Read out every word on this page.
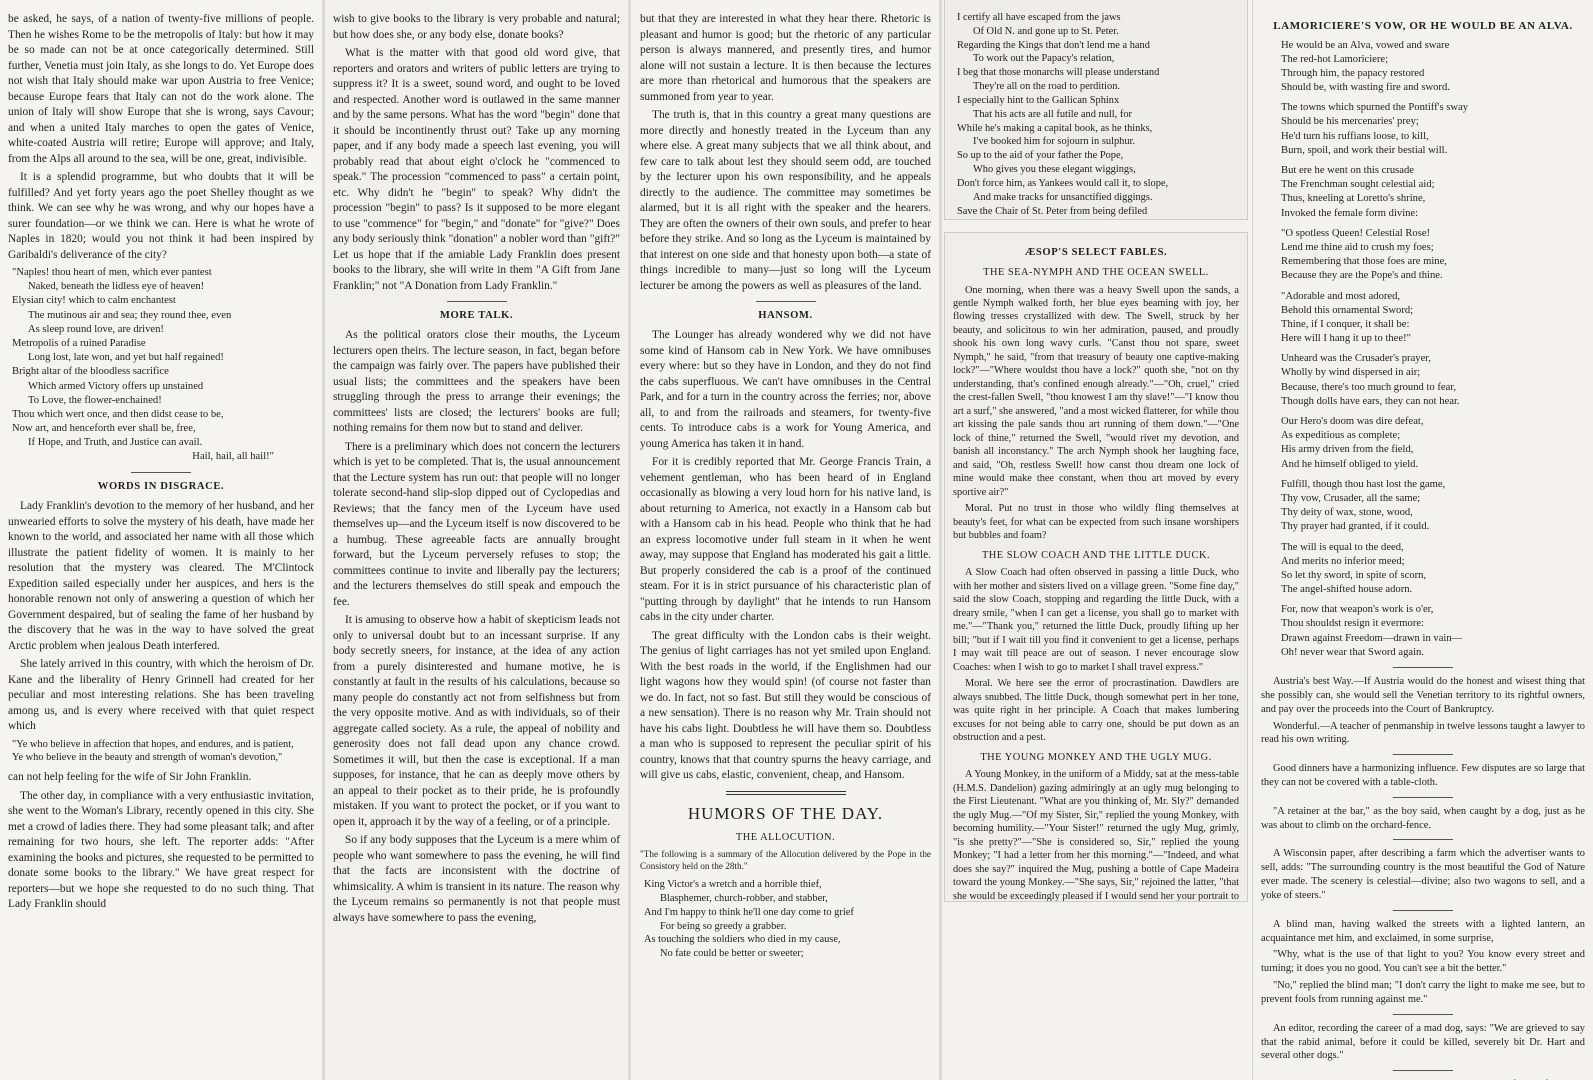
be asked, he says, of a nation of twenty-five millions of people. Then he wishes Rome to be the metropolis of Italy: but how it may be so made can not be at once categorically determined. Still further, Venetia must join Italy, as she longs to do. Yet Europe does not wish that Italy should make war upon Austria to free Venice; because Europe fears that Italy can not do the work alone. The union of Italy will show Europe that she is wrong, says Cavour; and when a united Italy marches to open the gates of Venice, white-coated Austria will retire; Europe will approve; and Italy, from the Alps all around to the sea, will be one, great, indivisible.

It is a splendid programme, but who doubts that it will be fulfilled? And yet forty years ago the poet Shelley thought as we think. We can see why he was wrong, and why our hopes have a surer foundation—or we think we can. Here is what he wrote of Naples in 1820; would you not think it had been inspired by Garibaldi's deliverance of the city?

"Naples! thou heart of men, which ever pantest
Naked, beneath the lidless eye of heaven!
Elysian city! which to calm enchantest
The mutinous air and sea; they round thee, even
As sleep round love, are driven!
Metropolis of a ruined Paradise
Long lost, late won, and yet but half regained!
Bright altar of the bloodless sacrifice
Which armed Victory offers up unstained
To Love, the flower-enchained!
Thou which wert once, and then didst cease to be,
Now art, and henceforth ever shall be, free,
If Hope, and Truth, and Justice can avail.
Hail, hail, all hail!"
WORDS IN DISGRACE.

Lady Franklin's devotion to the memory of her husband, and her unwearied efforts to solve the mystery of his death, have made her known to the world, and associated her name with all those which illustrate the patient fidelity of women. It is mainly to her resolution that the mystery was cleared. The M'Clintock Expedition sailed especially under her auspices, and hers is the honorable renown not only of answering a question of which her Government despaired, but of sealing the fame of her husband by the discovery that he was in the way to have solved the great Arctic problem when jealous Death interfered.

She lately arrived in this country, with which the heroism of Dr. Kane and the liberality of Henry Grinnell had created for her peculiar and most interesting relations. She has been traveling among us, and is every where received with that quiet respect which

"Ye who believe in affection that hopes, and endures, and is patient,
Ye who believe in the beauty and strength of woman's devotion,"

can not help feeling for the wife of Sir John Franklin.

The other day, in compliance with a very enthusiastic invitation, she went to the Woman's Library, recently opened in this city. She met a crowd of ladies there. They had some pleasant talk; and after remaining for two hours, she left. The reporter adds: "After examining the books and pictures, she requested to be permitted to donate some books to the library." We have great respect for reporters—but we hope she requested to do no such thing. That Lady Franklin should

wish to give books to the library is very probable and natural; but how does she, or any body else, donate books?

What is the matter with that good old word give, that reporters and orators and writers of public letters are trying to suppress it? It is a sweet, sound word, and ought to be loved and respected. Another word is outlawed in the same manner and by the same persons. What has the word "begin" done that it should be incontinently thrust out? Take up any morning paper, and if any body made a speech last evening, you will probably read that about eight o'clock he "commenced to speak." The procession "commenced to pass" a certain point, etc. Why didn't he "begin" to speak? Why didn't the procession "begin" to pass? Is it supposed to be more elegant to use "commence" for "begin," and "donate" for "give?" Does any body seriously think "donation" a nobler word than "gift?" Let us hope that if the amiable Lady Franklin does present books to the library, she will write in them "A Gift from Jane Franklin;" not "A Donation from Lady Franklin."

MORE TALK.

As the political orators close their mouths, the Lyceum lecturers open theirs. The lecture season, in fact, began before the campaign was fairly over. The papers have published their usual lists; the committees and the speakers have been struggling through the press to arrange their evenings; the committees' lists are closed; the lecturers' books are full; nothing remains for them now but to stand and deliver.

There is a preliminary which does not concern the lecturers which is yet to be completed. That is, the usual announcement that the Lecture system has run out: that people will no longer tolerate second-hand slip-slop dipped out of Cyclopedias and Reviews; that the fancy men of the Lyceum have used themselves up—and the Lyceum itself is now discovered to be a humbug. These agreeable facts are annually brought forward, but the Lyceum perversely refuses to stop; the committees continue to invite and liberally pay the lecturers; and the lecturers themselves do still speak and empouch the fee.

It is amusing to observe how a habit of skepticism leads not only to universal doubt but to an incessant surprise. If any body secretly sneers, for instance, at the idea of any action from a purely disinterested and humane motive, he is constantly at fault in the results of his calculations, because so many people do constantly act not from selfishness but from the very opposite motive. And as with individuals, so of their aggregate called society. As a rule, the appeal of nobility and generosity does not fall dead upon any chance crowd. Sometimes it will, but then the case is exceptional. If a man supposes, for instance, that he can as deeply move others by an appeal to their pocket as to their pride, he is profoundly mistaken. If you want to protect the pocket, or if you want to open it, approach it by the way of a feeling, or of a principle.

So if any body supposes that the Lyceum is a mere whim of people who want somewhere to pass the evening, he will find that the facts are inconsistent with the doctrine of whimsicality. A whim is transient in its nature. The reason why the Lyceum remains so permanently is not that people must always have somewhere to pass the evening,

but that they are interested in what they hear there. Rhetoric is pleasant and humor is good; but the rhetoric of any particular person is always mannered, and presently tires, and humor alone will not sustain a lecture. It is then because the lectures are more than rhetorical and humorous that the speakers are summoned from year to year.

The truth is, that in this country a great many questions are more directly and honestly treated in the Lyceum than any where else. A great many subjects that we all think about, and few care to talk about lest they should seem odd, are touched by the lecturer upon his own responsibility, and he appeals directly to the audience. The committee may sometimes be alarmed, but it is all right with the speaker and the hearers. They are often the owners of their own souls, and prefer to hear before they strike. And so long as the Lyceum is maintained by that interest on one side and that honesty upon both—a state of things incredible to many—just so long will the Lyceum lecturer be among the powers as well as pleasures of the land.

HANSOM.

The Lounger has already wondered why we did not have some kind of Hansom cab in New York. We have omnibuses every where: but so they have in London, and they do not find the cabs superfluous. We can't have omnibuses in the Central Park, and for a turn in the country across the ferries; nor, above all, to and from the railroads and steamers, for twenty-five cents. To introduce cabs is a work for Young America, and young America has taken it in hand.

For it is credibly reported that Mr. George Francis Train, a vehement gentleman, who has been heard of in England occasionally as blowing a very loud horn for his native land, is about returning to America, not exactly in a Hansom cab but with a Hansom cab in his head. People who think that he had an express locomotive under full steam in it when he went away, may suppose that England has moderated his gait a little. But properly considered the cab is a proof of the continued steam. For it is in strict pursuance of his characteristic plan of "putting through by daylight" that he intends to run Hansom cabs in the city under charter.

The great difficulty with the London cabs is their weight. The genius of light carriages has not yet smiled upon England. With the best roads in the world, if the Englishmen had our light wagons how they would spin! (of course not faster than we do. In fact, not so fast. But still they would be conscious of a new sensation). There is no reason why Mr. Train should not have his cabs light. Doubtless he will have them so. Doubtless a man who is supposed to represent the peculiar spirit of his country, knows that that country spurns the heavy carriage, and will give us cabs, elastic, convenient, cheap, and Hansom.

HUMORS OF THE DAY.
THE ALLOCUTION.
"The following is a summary of the Allocution delivered by the Pope in the Consistory held on the 28th."
King Victor's a wretch and a horrible thief,
Blasphemer, church-robber, and stabber,
And I'm happy to think he'll one day come to grief
For being so greedy a grabber.
As touching the soldiers who died in my cause,
No fate could be better or sweeter;
I certify all have escaped from the jaws
Of Old N. and gone up to St. Peter.
Regarding the Kings that don't lend me a hand
To work out the Papacy's relation,
I beg that those monarchs will please understand
They're all on the road to perdition.
I especially hint to the Gallican Sphinx
That his acts are all futile and null, for
While he's making a capital book, as he thinks,
I've booked him for sojourn in sulphur.
So up to the aid of your father the Pope,
Who gives you these elegant wiggings,
Don't force him, as Yankees would call it, to slope,
And make tracks for unsanctified diggings.
Save the Chair of St. Peter from being defiled
ÆSOP'S SELECT FABLES.
THE SEA-NYMPH AND THE OCEAN SWELL.

One morning, when there was a heavy Swell upon the sands, a gentle Nymph walked forth, her blue eyes beaming with joy, her flowing tresses crystallized with dew. The Swell, struck by her beauty, and solicitous to win her admiration, paused, and proudly shook his own long wavy curls. "Canst thou not spare, sweet Nymph," he said, "from that treasury of beauty one captive-making lock?"—"Where wouldst thou have a lock?" quoth she, "not on thy understanding, that's confined enough already."—"Oh, cruel," cried the crest-fallen Swell, "thou knowest I am thy slave!"—"I know thou art a surf," she answered, "and a most wicked flatterer, for while thou art kissing the pale sands thou art running of them down."—"One lock of thine," returned the Swell, "would rivet my devotion, and banish all inconstancy." The arch Nymph shook her laughing face, and said, "Oh, restless Swell! how canst thou dream one lock of mine would make thee constant, when thou art moved by every sportive air?"

Moral. Put no trust in those who wildly fling themselves at beauty's feet, for what can be expected from such insane worshipers but bubbles and foam?

THE SLOW COACH AND THE LITTLE DUCK.

A Slow Coach had often observed in passing a little Duck, who with her mother and sisters lived on a village green. "Some fine day," said the slow Coach, stopping and regarding the little Duck, with a dreary smile, "when I can get a license, you shall go to market with me."—"Thank you," returned the little Duck, proudly lifting up her bill; "but if I wait till you find it convenient to get a license, perhaps I may wait till peace are out of season. I never encourage slow Coaches: when I wish to go to market I shall travel express."

Moral. We here see the error of procrastination. Dawdlers are always snubbed. The little Duck, though somewhat pert in her tone, was quite right in her principle. A Coach that makes lumbering excuses for not being able to carry one, should be put down as an obstruction and a pest.

THE YOUNG MONKEY AND THE UGLY MUG.

A Young Monkey, in the uniform of a Middy, sat at the mess-table (H.M.S. Dandelion) gazing admiringly at an ugly mug belonging to the First Lieutenant. "What are you thinking of, Mr. Sly?" demanded the ugly Mug.—"Of my Sister, Sir," replied the young Monkey, with becoming humility.—"Your Sister!" returned the ugly Mug, grimly, "is she pretty?"—"She is considered so, Sir," replied the young Monkey; "I had a letter from her this morning."—"Indeed, and what does she say?" inquired the Mug, pushing a bottle of Cape Madeira toward the young Monkey.—"She says, Sir," rejoined the latter, "that she would be exceedingly pleased if I would send her your portrait to

LAMORICIERE'S VOW, OR HE WOULD BE AN ALVA.
He would be an Alva, vowed and sware
The red-hot Lamoriciere;
Through him, the papacy restored
Should be, with wasting fire and sword.
The towns which spurned the Pontiff's sway
Should be his mercenaries' prey;
He'd turn his ruffians loose, to kill,
Burn, spoil, and work their bestial will.
But ere he went on this crusade
The Frenchman sought celestial aid;
Thus, kneeling at Loretto's shrine,
Invoked the female form divine:
"O spotless Queen! Celestial Rose!
Lend me thine aid to crush my foes;
Remembering that those foes are mine,
Because they are the Pope's and thine.
"Adorable and most adored,
Behold this ornamental Sword;
Thine, if I conquer, it shall be:
Here will I hang it up to thee!"
Unheard was the Crusader's prayer,
Wholly by wind dispersed in air;
Because, there's too much ground to fear,
Though dolls have ears, they can not hear.
Our Hero's doom was dire defeat,
As expeditious as complete;
His army driven from the field,
And he himself obliged to yield.
Fulfill, though thou hast lost the game,
Thy vow, Crusader, all the same;
Thy deity of wax, stone, wood,
Thy prayer had granted, if it could.
The will is equal to the deed,
And merits no inferior meed;
So let thy sword, in spite of scorn,
The angel-shifted house adorn.
For, now that weapon's work is o'er,
Thou shouldst resign it evermore:
Drawn against Freedom—drawn in vain—
Oh! never wear that Sword again.

Austria's best Way.—If Austria would do the honest and wisest thing that she possibly can, she would sell the Venetian territory to its rightful owners, and pay over the proceeds into the Court of Bankruptcy.

Wonderful.—A teacher of penmanship in twelve lessons taught a lawyer to read his own writing.

Good dinners have a harmonizing influence. Few disputes are so large that they can not be covered with a table-cloth.

"A retainer at the bar," as the boy said, when caught by a dog, just as he was about to climb on the orchard-fence.

A Wisconsin paper, after describing a farm which the advertiser wants to sell, adds: "The surrounding country is the most beautiful the God of Nature ever made. The scenery is celestial—divine; also two wagons to sell, and a yoke of steers."

A blind man, having walked the streets with a lighted lantern, an acquaintance met him, and exclaimed, in some surprise,

"Why, what is the use of that light to you? You know every street and turning; it does you no good. You can't see a bit the better."

"No," replied the blind man; "I don't carry the light to make me see, but to prevent fools from running against me."

An editor, recording the career of a mad dog, says: "We are grieved to say that the rabid animal, before it could be killed, severely bit Dr. Hart and several other dogs."
